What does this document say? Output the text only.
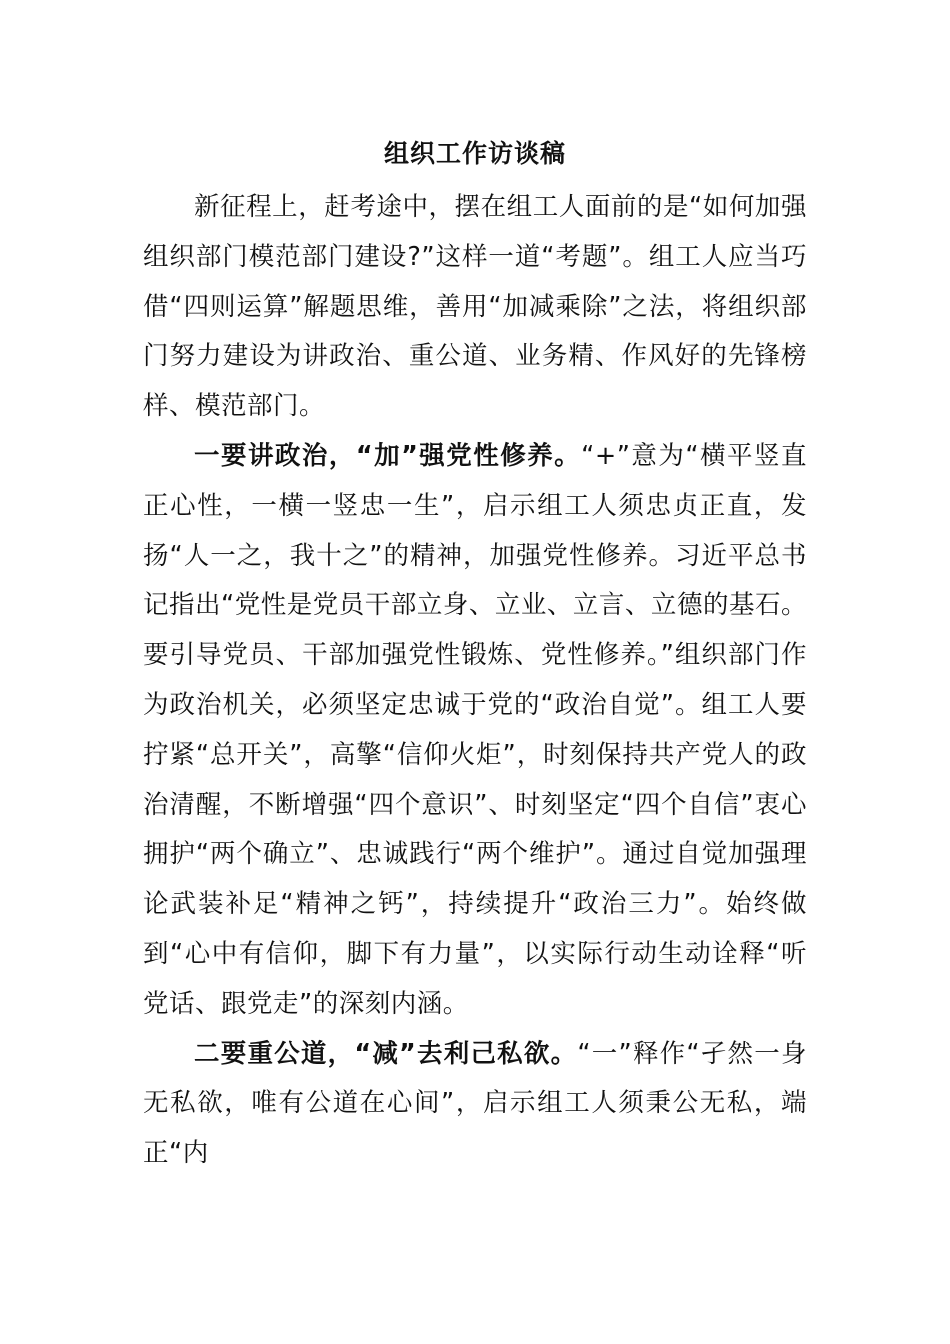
组织工作访谈稿

新征程上，赶考途中，摆在组工人面前的是“如何加强组织部门模范部门建设?”这样一道“考题”。组工人应当巧借“四则运算”解题思维，善用“加减乘除”之法，将组织部门努力建设为讲政治、重公道、业务精、作风好的先锋榜样、模范部门。

一要讲政治，“加”强党性修养。“+”意为“横平竖直正心性，一横一竖忠一生”，启示组工人须忠贞正直，发扬“人一之，我十之”的精神，加强党性修养。习近平总书记指出“党性是党员干部立身、立业、立言、立德的基石。要引导党员、干部加强党性锻炼、党性修养。”组织部门作为政治机关，必须坚定忠诚于党的“政治自觉”。组工人要拧紧“总开关”，高擎“信仰火炬”，时刻保持共产党人的政治清醒，不断增强“四个意识”、时刻坚定“四个自信”衷心拥护“两个确立”、忠诚践行“两个维护”。通过自觉加强理论武装补足“精神之钙”，持续提升“政治三力”。始终做到“心中有信仰，脚下有力量”，以实际行动生动诠释“听党话、跟党走”的深刻内涵。

二要重公道，“减”去利己私欲。“一”释作“孑然一身无私欲，唯有公道在心间”，启示组工人须秉公无私，端正“内
